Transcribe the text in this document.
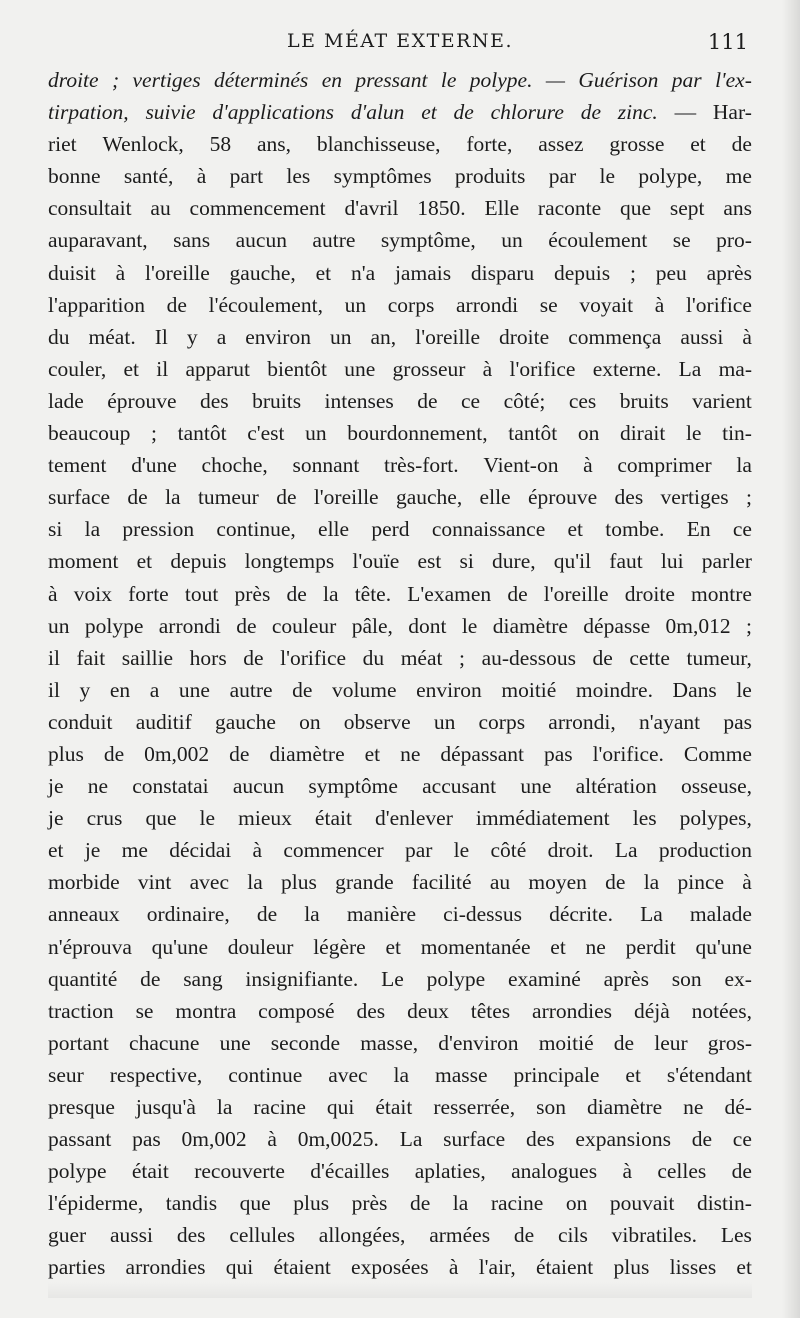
LE MÉAT EXTERNE.	111
droite ; vertiges déterminés en pressant le polype. — Guérison par l'ex-
tirpation, suivie d'applications d'alun et de chlorure de zinc. — Har-
riet Wenlock, 58 ans, blanchisseuse, forte, assez grosse et de
bonne santé, à part les symptômes produits par le polype, me
consultait au commencement d'avril 1850. Elle raconte que sept ans
auparavant, sans aucun autre symptôme, un écoulement se pro-
duisit à l'oreille gauche, et n'a jamais disparu depuis ; peu après
l'apparition de l'écoulement, un corps arrondi se voyait à l'orifice
du méat. Il y a environ un an, l'oreille droite commença aussi à
couler, et il apparut bientôt une grosseur à l'orifice externe. La ma-
lade éprouve des bruits intenses de ce côté; ces bruits varient
beaucoup ; tantôt c'est un bourdonnement, tantôt on dirait le tin-
tement d'une choche, sonnant très-fort. Vient-on à comprimer la
surface de la tumeur de l'oreille gauche, elle éprouve des vertiges ;
si la pression continue, elle perd connaissance et tombe. En ce
moment et depuis longtemps l'ouïe est si dure, qu'il faut lui parler
à voix forte tout près de la tête. L'examen de l'oreille droite montre
un polype arrondi de couleur pâle, dont le diamètre dépasse 0m,012 ;
il fait saillie hors de l'orifice du méat ; au-dessous de cette tumeur,
il y en a une autre de volume environ moitié moindre. Dans le
conduit auditif gauche on observe un corps arrondi, n'ayant pas
plus de 0m,002 de diamètre et ne dépassant pas l'orifice. Comme
je ne constatai aucun symptôme accusant une altération osseuse,
je crus que le mieux était d'enlever immédiatement les polypes,
et je me décidai à commencer par le côté droit. La production
morbide vint avec la plus grande facilité au moyen de la pince à
anneaux ordinaire, de la manière ci-dessus décrite. La malade
n'éprouva qu'une douleur légère et momentanée et ne perdit qu'une
quantité de sang insignifiante. Le polype examiné après son ex-
traction se montra composé des deux têtes arrondies déjà notées,
portant chacune une seconde masse, d'environ moitié de leur gros-
seur respective, continue avec la masse principale et s'étendant
presque jusqu'à la racine qui était resserrée, son diamètre ne dé-
passant pas 0m,002 à 0m,0025. La surface des expansions de ce
polype était recouverte d'écailles aplaties, analogues à celles de
l'épiderme, tandis que plus près de la racine on pouvait distin-
guer aussi des cellules allongées, armées de cils vibratiles. Les
parties arrondies qui étaient exposées à l'air, étaient plus lisses et
